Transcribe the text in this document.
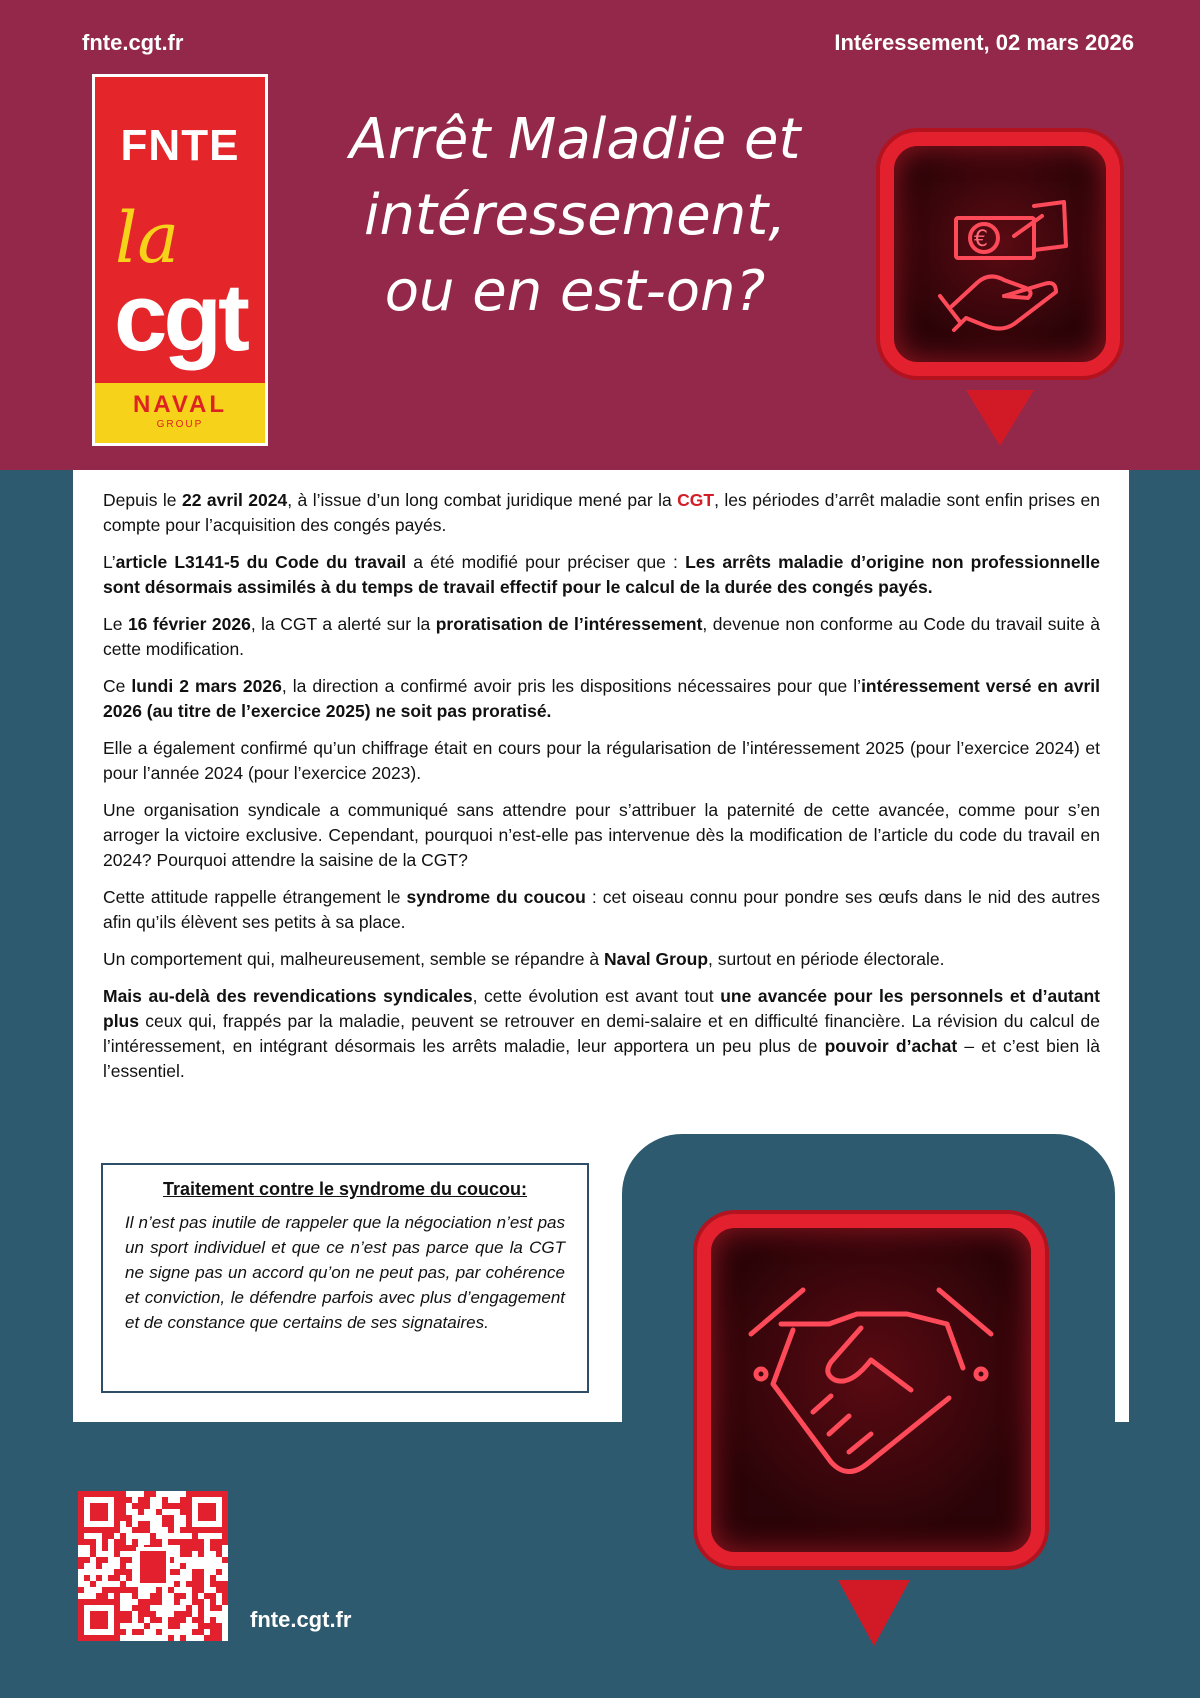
fnte.cgt.fr	Intéressement, 02 mars 2026
FNTE
la
cgt
NAVAL
GROUP
Arrêt Maladie et
intéressement,
ou en est-on?
€

Depuis le 22 avril 2024, à l’issue d’un long combat juridique mené par la CGT, les périodes d’arrêt maladie sont enfin prises en compte pour l’acquisition des congés payés.

L’article L3141-5 du Code du travail a été modifié pour préciser que : Les arrêts maladie d’origine non professionnelle sont désormais assimilés à du temps de travail effectif pour le calcul de la durée des congés payés.

Le 16 février 2026, la CGT a alerté sur la proratisation de l’intéressement, devenue non conforme au Code du travail suite à cette modification.

Ce lundi 2 mars 2026, la direction a confirmé avoir pris les dispositions nécessaires pour que l’intéressement versé en avril 2026 (au titre de l’exercice 2025) ne soit pas proratisé.

Elle a également confirmé qu’un chiffrage était en cours pour la régularisation de l’intéressement 2025 (pour l’exercice 2024) et pour l’année 2024 (pour l’exercice 2023).

Une organisation syndicale a communiqué sans attendre pour s’attribuer la paternité de cette avancée, comme pour s’en arroger la victoire exclusive. Cependant, pourquoi n’est-elle pas intervenue dès la modification de l’article du code du travail en 2024? Pourquoi attendre la saisine de la CGT?

Cette attitude rappelle étrangement le syndrome du coucou : cet oiseau connu pour pondre ses œufs dans le nid des autres afin qu’ils élèvent ses petits à sa place.

Un comportement qui, malheureusement, semble se répandre à Naval Group, surtout en période électorale.

Mais au-delà des revendications syndicales, cette évolution est avant tout une avancée pour les personnels et d’autant plus ceux qui, frappés par la maladie, peuvent se retrouver en demi-salaire et en difficulté financière. La révision du calcul de l’intéressement, en intégrant désormais les arrêts maladie, leur apportera un peu plus de pouvoir d’achat – et c’est bien là l’essentiel.

Traitement contre le syndrome du coucou:
Il n’est pas inutile de rappeler que la négociation n’est pas un sport individuel et que ce n’est pas parce que la CGT ne signe pas un accord qu’on ne peut pas, par cohérence et conviction, le défendre parfois avec plus d’engagement et de constance que certains de ses signataires.
fnte.cgt.fr
